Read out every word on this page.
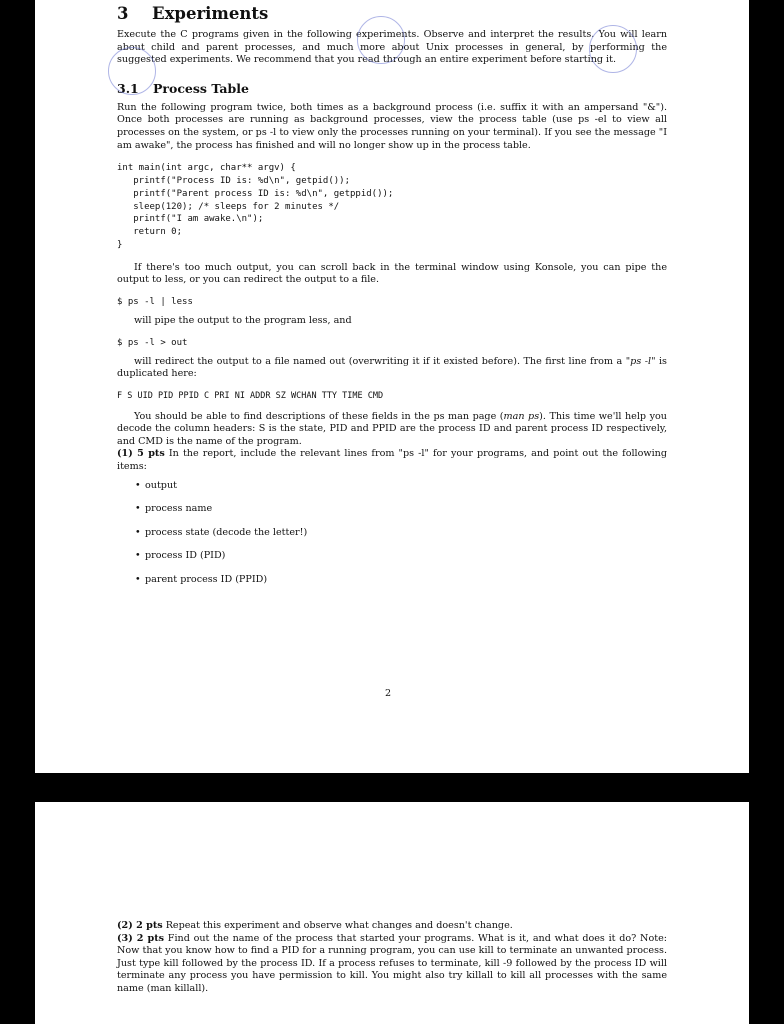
3 Experiments

Execute the C programs given in the following experiments. Observe and interpret the results. You will learn about child and parent processes, and much more about Unix processes in general, by performing the suggested experiments. We recommend that you read through an entire experiment before starting it.

3.1 Process Table

Run the following program twice, both times as a background process (i.e. suffix it with an ampersand "&"). Once both processes are running as background processes, view the process table (use ps -el to view all processes on the system, or ps -l to view only the processes running on your terminal). If you see the message "I am awake", the process has finished and will no longer show up in the process table.

int main(int argc, char** argv) {
printf("Process ID is: %d\n", getpid());
printf("Parent process ID is: %d\n", getppid());
sleep(120); /* sleeps for 2 minutes */
printf("I am awake.\n");
return 0;
}

If there's too much output, you can scroll back in the terminal window using Konsole, you can pipe the output to less, or you can redirect the output to a file.

$ ps -l | less

will pipe the output to the program less, and

$ ps -l > out

will redirect the output to a file named out (overwriting it if it existed before). The first line from a "ps -l" is duplicated here:

F S UID PID PPID C PRI NI ADDR SZ WCHAN TTY TIME CMD

You should be able to find descriptions of these fields in the ps man page (man ps). This time we'll help you decode the column headers: S is the state, PID and PPID are the process ID and parent process ID respectively, and CMD is the name of the program.

(1) 5 pts In the report, include the relevant lines from "ps -l" for your programs, and point out the following items:

• output
• process name
• process state (decode the letter!)
• process ID (PID)
• parent process ID (PPID)
2

(2) 2 pts Repeat this experiment and observe what changes and doesn't change.

(3) 2 pts Find out the name of the process that started your programs. What is it, and what does it do? Note: Now that you know how to find a PID for a running program, you can use kill to terminate an unwanted process. Just type kill followed by the process ID. If a process refuses to terminate, kill -9 followed by the process ID will terminate any process you have permission to kill. You might also try killall to kill all processes with the same name (man killall).
